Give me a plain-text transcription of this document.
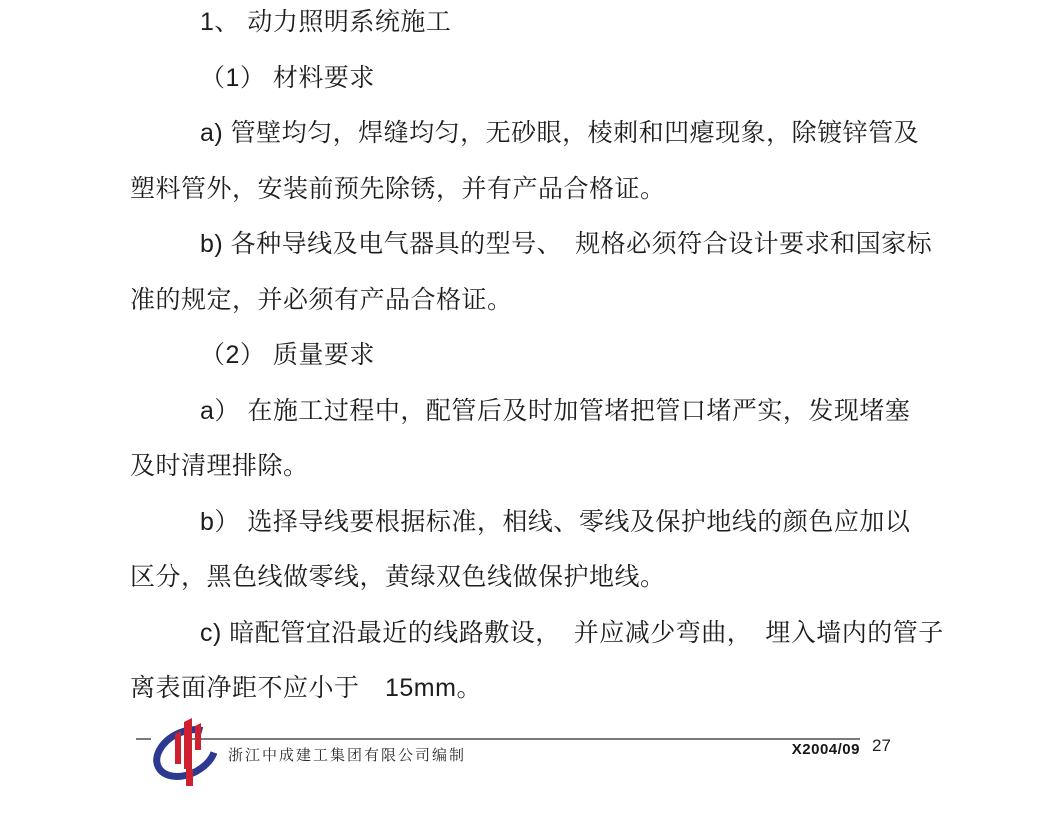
1、 动力照明系统施工
（1） 材料要求
a) 管壁均匀，焊缝均匀，无砂眼，棱刺和凹瘪现象，除镀锌管及
塑料管外，安装前预先除锈，并有产品合格证。
b) 各种导线及电气器具的型号、　规格必须符合设计要求和国家标
准的规定，并必须有产品合格证。
（2） 质量要求
a） 在施工过程中，配管后及时加管堵把管口堵严实，发现堵塞
及时清理排除。
b） 选择导线要根据标准，相线、零线及保护地线的颜色应加以
区分，黑色线做零线，黄绿双色线做保护地线。
c) 暗配管宜沿最近的线路敷设，　并应减少弯曲，　埋入墙内的管子
离表面净距不应小于　15mm。
浙江中成建工集团有限公司编制	X2004/09 27
